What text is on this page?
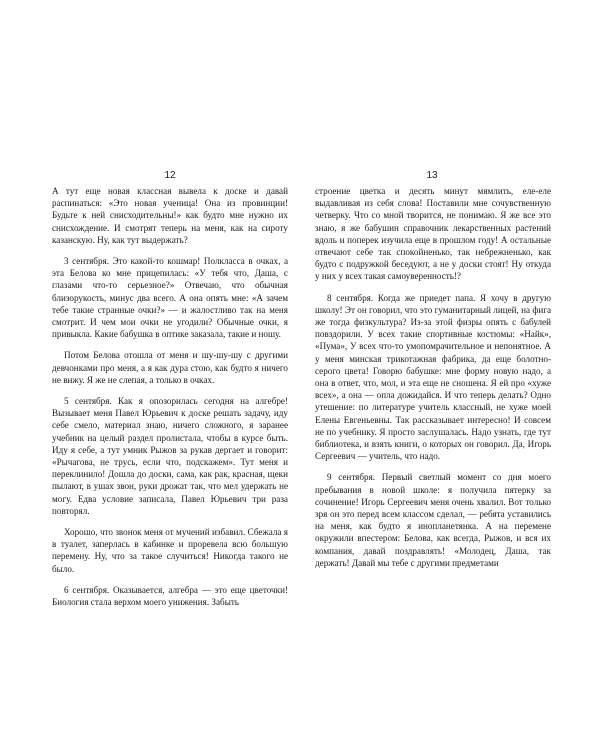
12	13

А тут еще новая классная вывела к доске и давай распинаться: «Это новая ученица! Она из провинции! Будьте к ней снисходительны!» как будто мне нужно их снисхождение. И смотрят теперь на меня, как на сироту казанскую. Ну, как тут выдержать?

3 сентября. Это какой-то кошмар! Полкласса в очках, а эта Белова ко мне прицепилась: «У тебя что, Даша, с глазами что-то серьезное?» Отвечаю, что обычная близорукость, минус два всего. А она опять мне: «А зачем тебе такие странные очки?» — и жалостливо так на меня смотрит. И чем мои очки не угодили? Обычные очки, я привыкла. Какие бабушка в оптике заказала, такие и ношу.

Потом Белова отошла от меня и шу-шу-шу с другими девчонками про меня, а я как дура стою, как будто я ничего не вижу. Я же не слепая, а только в очках.

5 сентября. Как я опозорилась сегодня на алгебре! Вызывает меня Павел Юрьевич к доске решать задачу, иду себе смело, материал знаю, ничего сложного, я заранее учебник на целый раздел пролистала, чтобы в курсе быть. Иду я себе, а тут умник Рыжов за рукав дергает и говорит: «Рычагова, не трусь, если что, подскажем». Тут меня и переклинило! Дошла до доски, сама, как рак, красная, щеки пылают, в ушах звон, руки дрожат так, что мел удержать не могу. Едва условие записала, Павел Юрьевич три раза повторял.

Хорошо, что звонок меня от мучений избавил. Сбежала я в туалет, заперлась в кабинке и проревела всю большую перемену. Ну, что за такое случиться! Никогда такого не было.

6 сентября. Оказывается, алгебра — это еще цветочки! Биология стала верхом моего унижения. Забыть

строение цветка и десять минут мямлить, еле-еле выдавливая из себя слова! Поставили мне сочувственную четверку. Что со мной творится, не понимаю. Я же все это знаю, я же бабушин справочник лекарственных растений вдоль и поперек изучила еще в прошлом году! А остальные отвечают себе так спокойненько, так небрежненько, как будто с подружкой беседуют, а не у доски стоят! Ну откуда у них у всех такая самоуверенность!?

8 сентября. Когда же приедет папа. Я хочу в другую школу! Эт он говорил, что это гуманитарный лицей, на фига же тогда физкультура? Из-за этой физры опять с бабулей повздорили. У всех такие спортивные костюмы: «Найк», «Пума», У всех что-то умопомрачительное и непонятное. А у меня минская трикотажная фабрика, да еще болотно-серого цвета! Говорю бабушке: мне форму новую надо, а она в ответ, что, мол, и эта еще не сношена. Я ей про «хуже всех», а она — опла дожидайся. И что теперь делать? Одно утешение: по литературе учитель классный, не хуже моей Елены Евгеньевны. Так рассказывает интересно! И совсем не по учебнику. Я просто заслушалась. Надо узнать, где тут библиотека, и взять книги, о которых он говорил. Да, Игорь Сергеевич — учитель, что надо.

9 сентября. Первый светлый момент со дня моего пребывания в новой школе: я получила пятерку за сочинение! Игорь Сергеевич меня очень хвалил. Вот только зря он это перед всем классом сделал, — ребята уставились на меня, как будто я инопланетянка. А на перемене окружили впестером: Белова, как всегда, Рыжов, и вся их компания, давай поздравлять! «Молодец, Даша, так держать! Давай мы тебе с другими предметами
